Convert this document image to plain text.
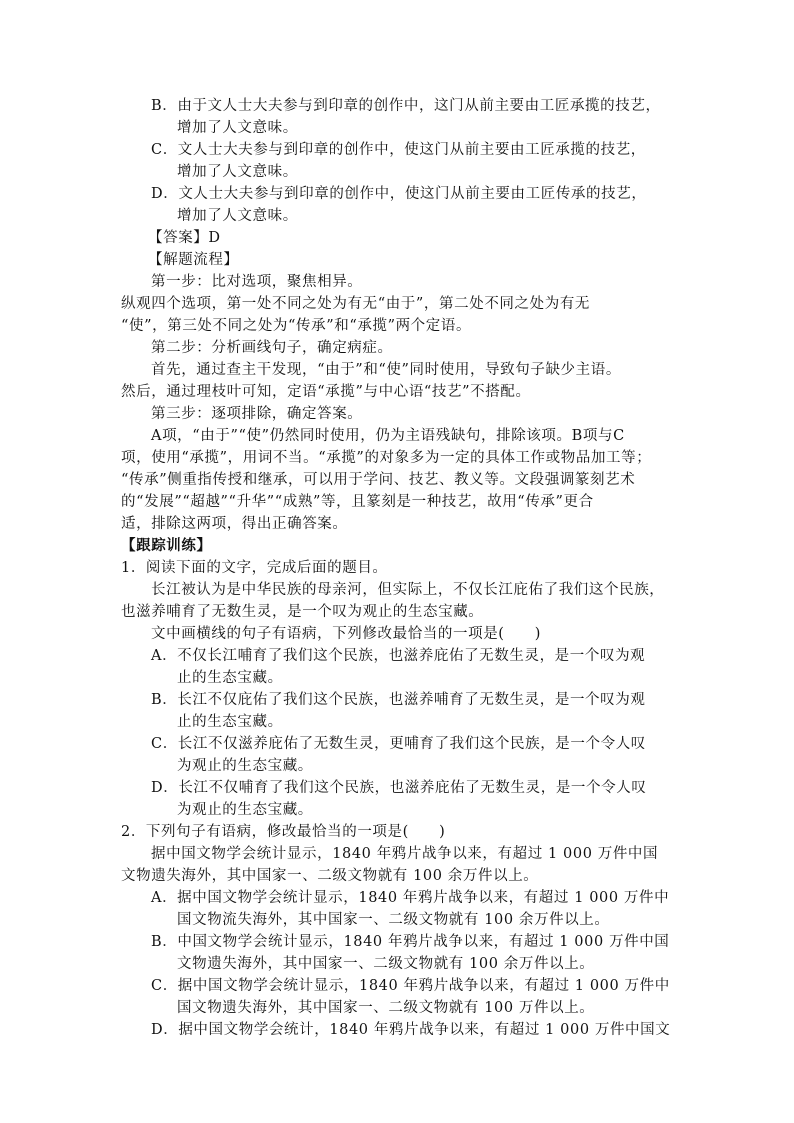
B．由于文人士大夫参与到印章的创作中，这门从前主要由工匠承揽的技艺，
增加了人文意味。
C．文人士大夫参与到印章的创作中，使这门从前主要由工匠承揽的技艺，
增加了人文意味。
D．文人士大夫参与到印章的创作中，使这门从前主要由工匠传承的技艺，
增加了人文意味。
【答案】D
【解题流程】
第一步：比对选项，聚焦相异。
纵观四个选项，第一处不同之处为有无“由于”，第二处不同之处为有无
“使”，第三处不同之处为“传承”和“承揽”两个定语。
第二步：分析画线句子，确定病症。
首先，通过查主干发现，“由于”和“使”同时使用，导致句子缺少主语。
然后，通过理枝叶可知，定语“承揽”与中心语“技艺”不搭配。
第三步：逐项排除，确定答案。
A项，“由于”“使”仍然同时使用，仍为主语残缺句，排除该项。B项与C
项，使用“承揽”，用词不当。“承揽”的对象多为一定的具体工作或物品加工等；
“传承”侧重指传授和继承，可以用于学问、技艺、教义等。文段强调篆刻艺术
的“发展”“超越”“升华”“成熟”等，且篆刻是一种技艺，故用“传承”更合
适，排除这两项，得出正确答案。
【跟踪训练】
1．阅读下面的文字，完成后面的题目。
长江被认为是中华民族的母亲河，但实际上，不仅长江庇佑了我们这个民族，
也滋养哺育了无数生灵，是一个叹为观止的生态宝藏。
文中画横线的句子有语病，下列修改最恰当的一项是(　　)
A．不仅长江哺育了我们这个民族，也滋养庇佑了无数生灵，是一个叹为观
止的生态宝藏。
B．长江不仅庇佑了我们这个民族，也滋养哺育了无数生灵，是一个叹为观
止的生态宝藏。
C．长江不仅滋养庇佑了无数生灵，更哺育了我们这个民族，是一个令人叹
为观止的生态宝藏。
D．长江不仅哺育了我们这个民族，也滋养庇佑了无数生灵，是一个令人叹
为观止的生态宝藏。
2．下列句子有语病，修改最恰当的一项是(　　)
据中国文物学会统计显示，1840 年鸦片战争以来，有超过 1 000 万件中国
文物遗失海外，其中国家一、二级文物就有 100 余万件以上。
A．据中国文物学会统计显示，1840 年鸦片战争以来，有超过 1 000 万件中
国文物流失海外，其中国家一、二级文物就有 100 余万件以上。
B．中国文物学会统计显示，1840 年鸦片战争以来，有超过 1 000 万件中国
文物遗失海外，其中国家一、二级文物就有 100 余万件以上。
C．据中国文物学会统计显示，1840 年鸦片战争以来，有超过 1 000 万件中
国文物遗失海外，其中国家一、二级文物就有 100 万件以上。
D．据中国文物学会统计，1840 年鸦片战争以来，有超过 1 000 万件中国文
